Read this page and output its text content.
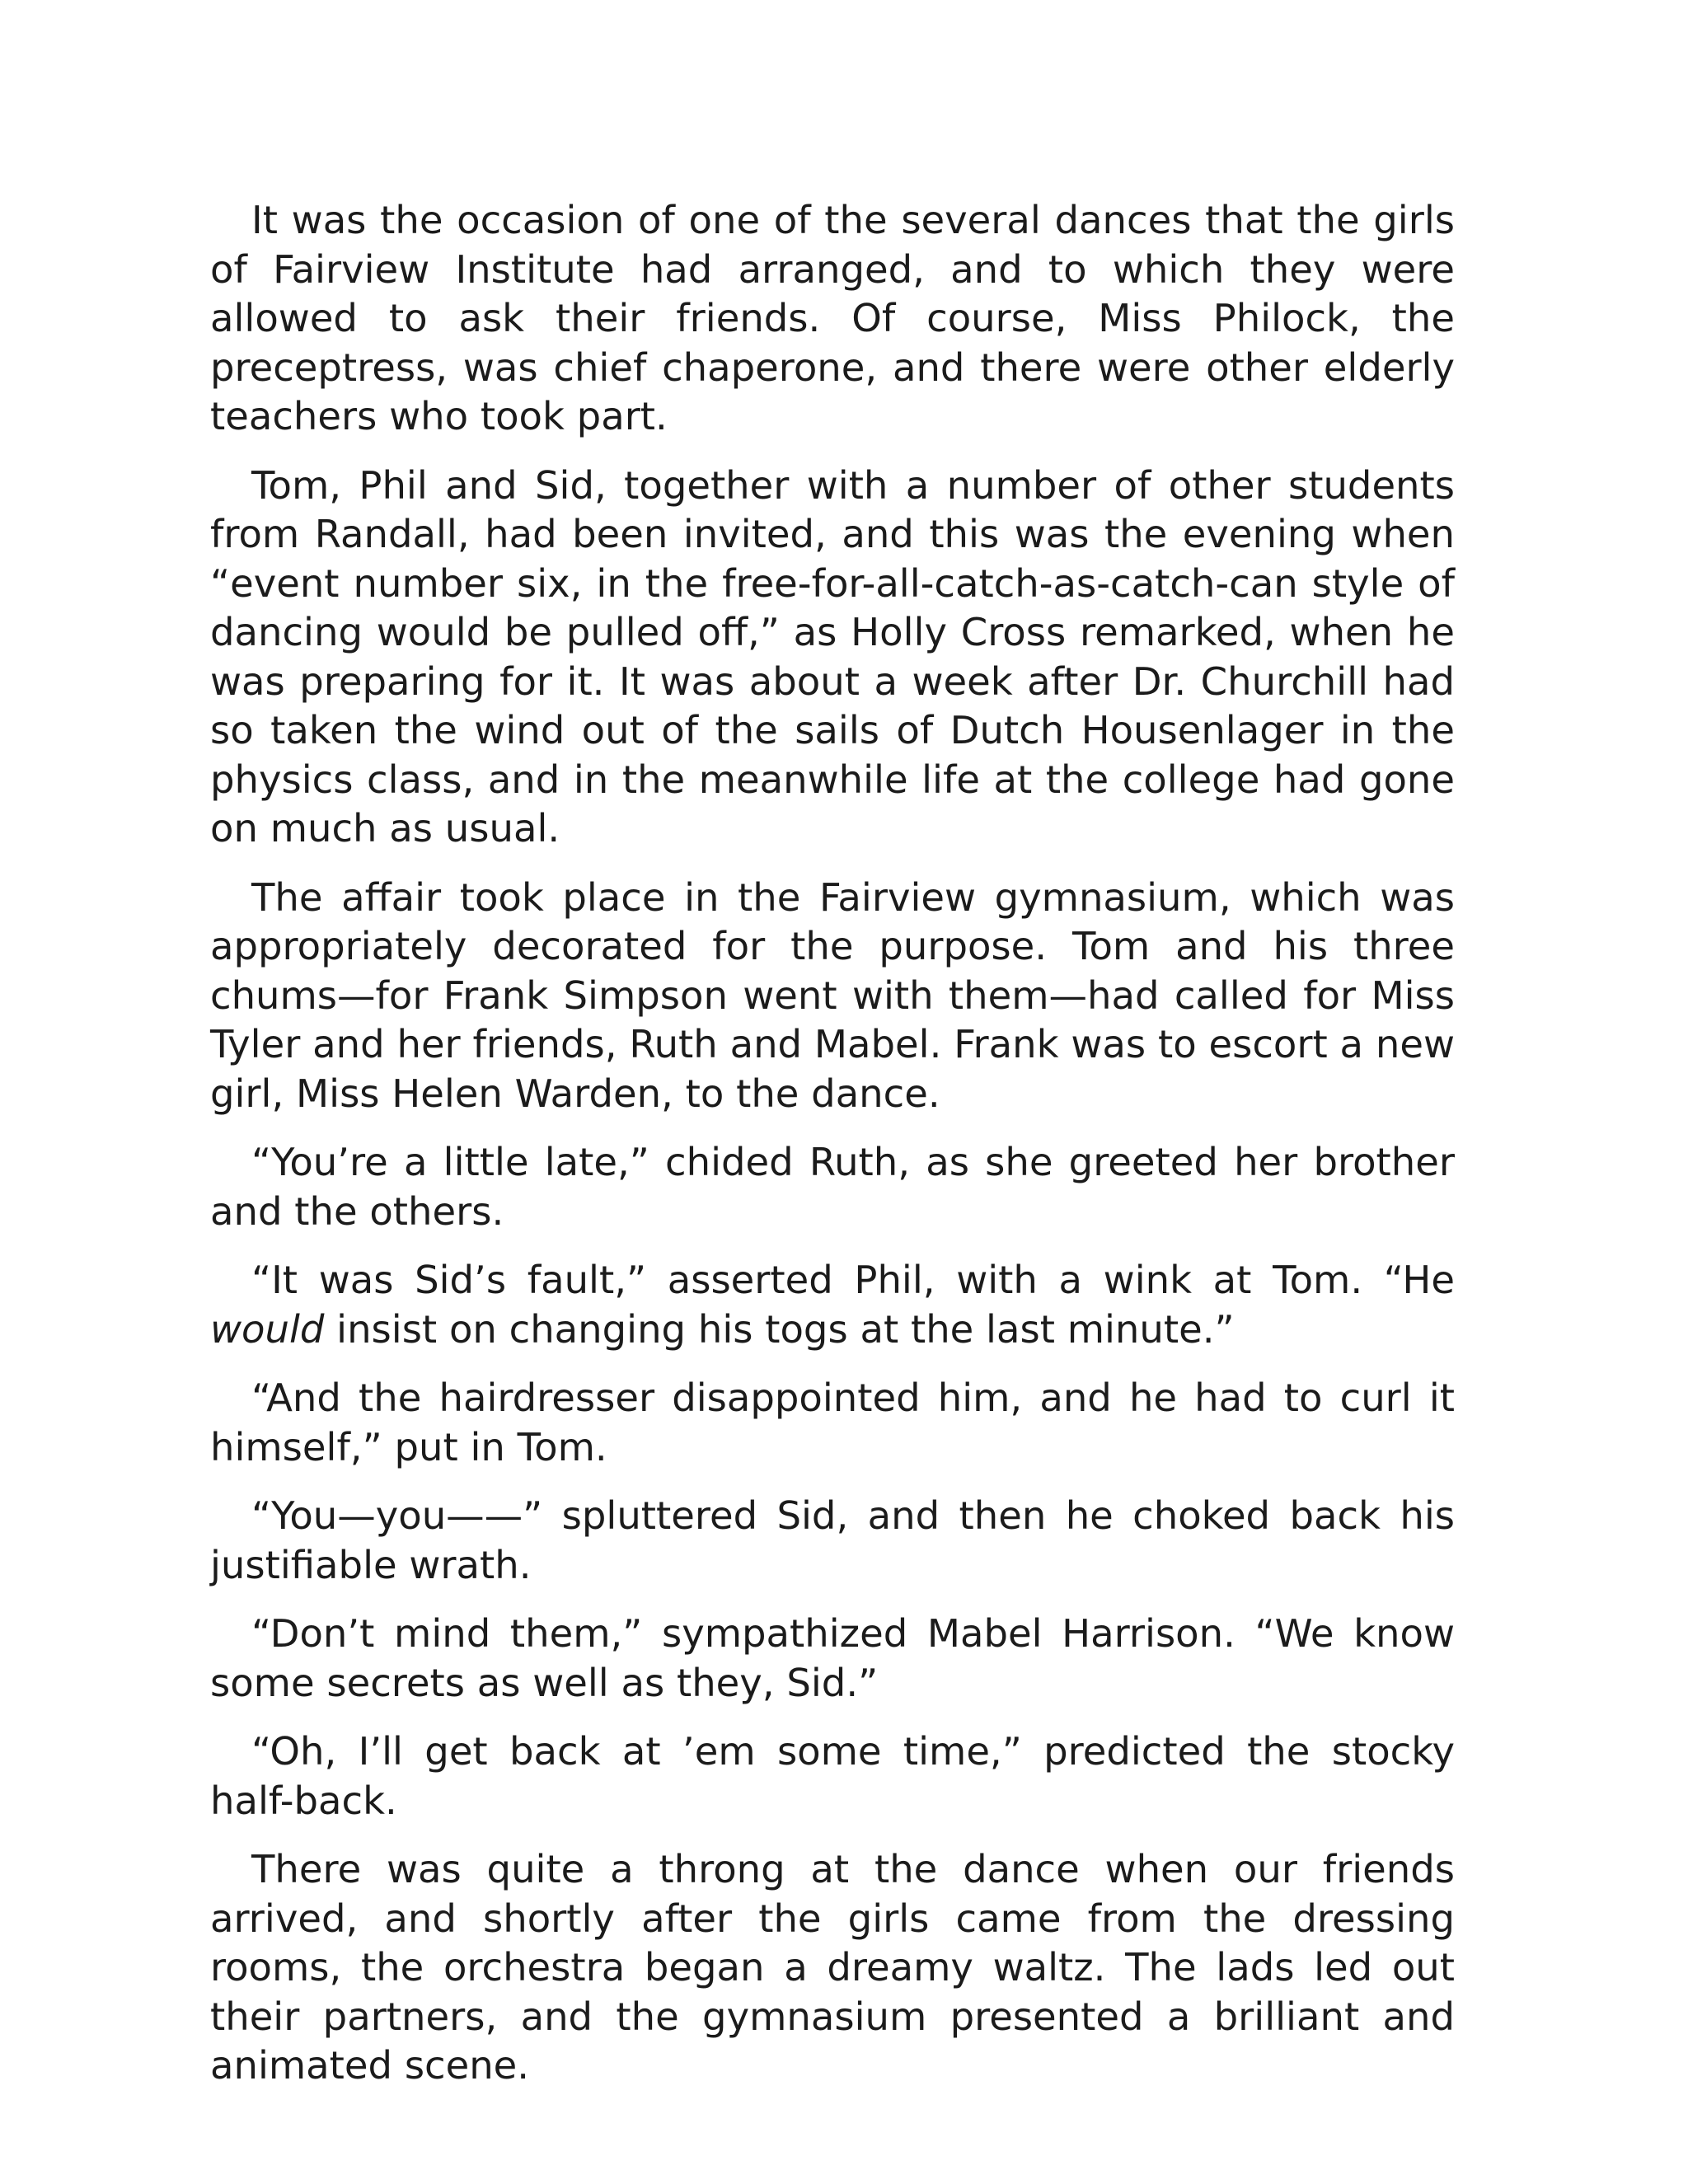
It was the occasion of one of the several dances that the girls of Fairview Institute had arranged, and to which they were allowed to ask their friends. Of course, Miss Philock, the preceptress, was chief chaperone, and there were other elderly teachers who took part.

Tom, Phil and Sid, together with a number of other students from Randall, had been invited, and this was the evening when “event number six, in the free-for-all-catch-as-catch-can style of dancing would be pulled off,” as Holly Cross remarked, when he was preparing for it. It was about a week after Dr. Churchill had so taken the wind out of the sails of Dutch Housenlager in the physics class, and in the meanwhile life at the college had gone on much as usual.

The affair took place in the Fairview gymnasium, which was appropriately decorated for the purpose. Tom and his three chums—for Frank Simpson went with them—had called for Miss Tyler and her friends, Ruth and Mabel. Frank was to escort a new girl, Miss Helen Warden, to the dance.

“You’re a little late,” chided Ruth, as she greeted her brother and the others.

“It was Sid’s fault,” asserted Phil, with a wink at Tom. “He would insist on changing his togs at the last minute.”

“And the hairdresser disappointed him, and he had to curl it himself,” put in Tom.

“You—you——” spluttered Sid, and then he choked back his justifiable wrath.

“Don’t mind them,” sympathized Mabel Harrison. “We know some secrets as well as they, Sid.”

“Oh, I’ll get back at ’em some time,” predicted the stocky half-back.

There was quite a throng at the dance when our friends arrived, and shortly after the girls came from the dressing rooms, the orchestra began a dreamy waltz. The lads led out their partners, and the gymnasium presented a brilliant and animated scene.
